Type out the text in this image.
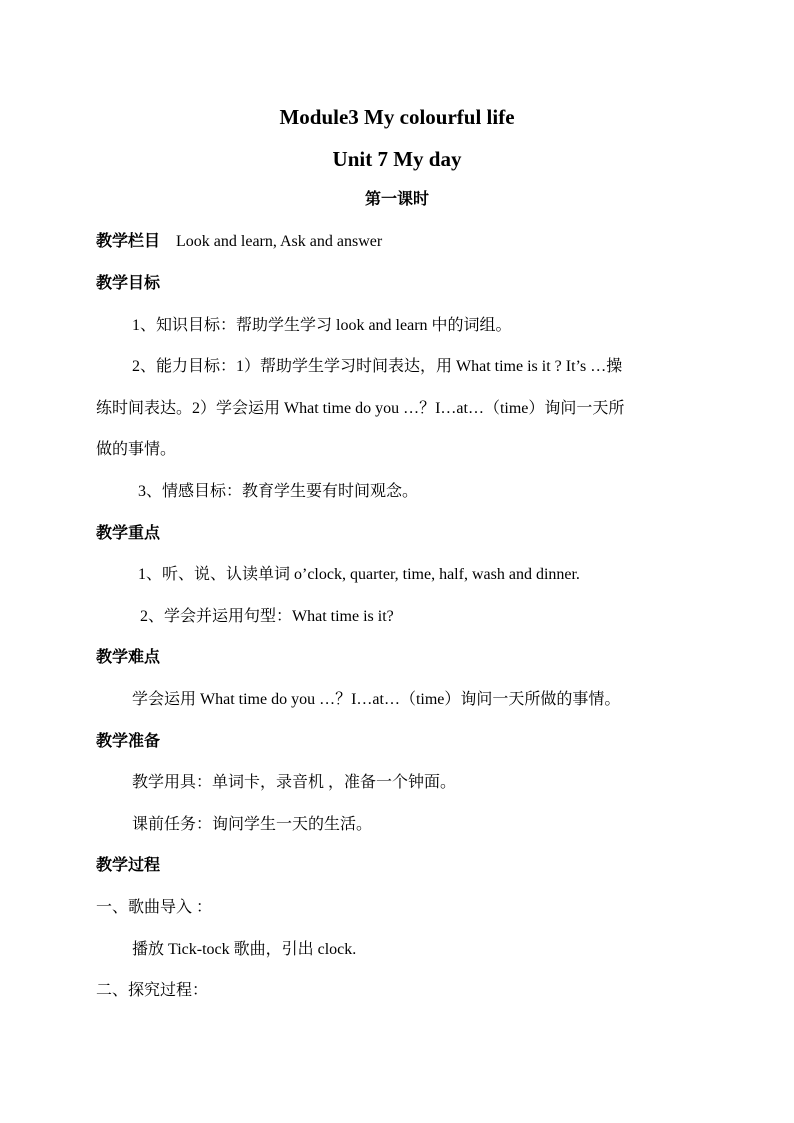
Module3 My colourful life
Unit 7 My day
第一课时
教学栏目 Look and learn, Ask and answer
教学目标
1、知识目标：帮助学生学习 look and learn 中的词组。
2、能力目标：1）帮助学生学习时间表达，用 What time is it ? It’s …操
练时间表达。2）学会运用 What time do you …？I…at…（time）询问一天所
做的事情。
3、情感目标：教育学生要有时间观念。
教学重点
1、听、说、认读单词 o’clock, quarter, time, half, wash and dinner.
2、学会并运用句型：What time is it?
教学难点
学会运用 What time do you …？I…at…（time）询问一天所做的事情。
教学准备
教学用具：单词卡，录音机 ，准备一个钟面。
课前任务：询问学生一天的生活。
教学过程
一、歌曲导入 ：
播放 Tick-tock 歌曲，引出 clock.
二、探究过程：
